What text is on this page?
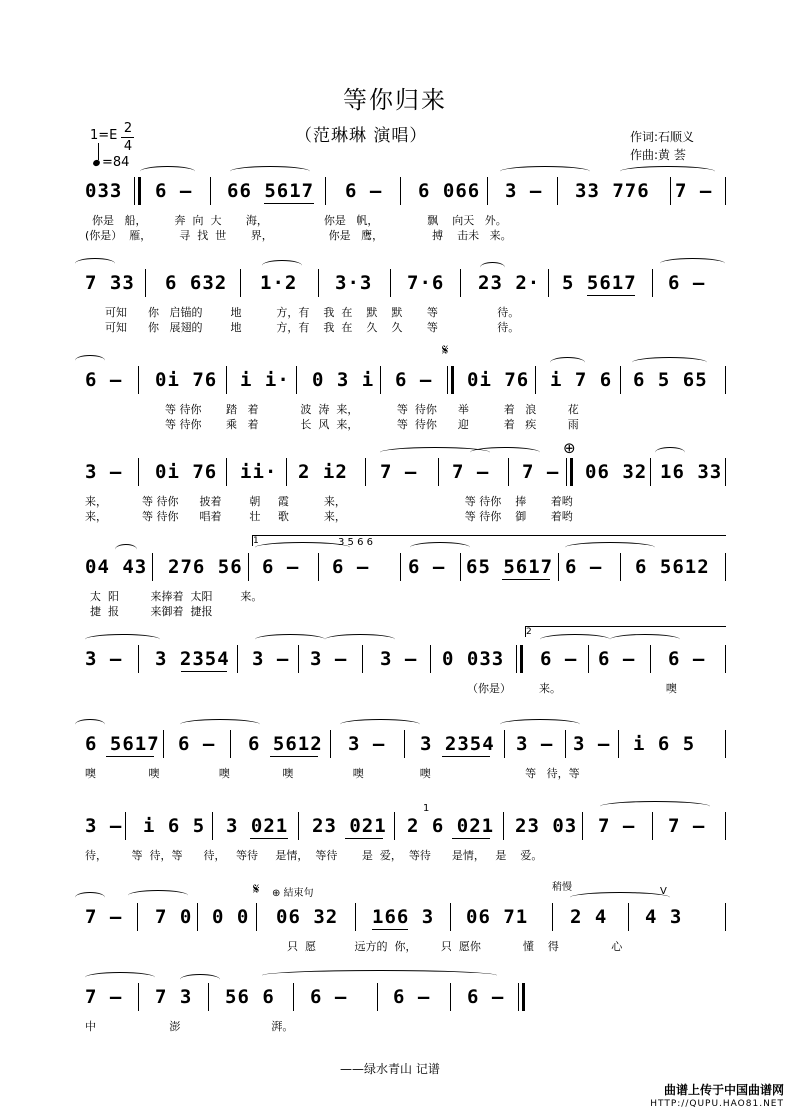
等你归来
（范琳琳 演唱）	作词:石顺义
作曲:黄 荟
1=E 2
4
=84
033 6 – 66 5617 6 – 6 066 3 – 33 776 7 –
你是   船，        奔  向  大       海，                你是   帆，              飘    向天   外。
(你是）  雁，        寻  找  世       界，                你是   鹰，              搏    击未   来。
7 33 6 632 1·2 3·3 7·6 23 2· 5 5617 6 –
可知      你   启锚的        地          方，有    我  在    默    默       等                 待。
可知      你   展翅的        地          方，有    我  在    久    久       等                 待。
𝄋
6 – 0i 76 i i· 0 3 i 6 – 0i 76 i 7 6 6 5 65
等 待你       踏   着            波  涛  来，           等  待你      举          着   浪         花
等 待你       乘   着            长  风  来，           等  待你      迎          着   疾         雨
⊕
3 – 0i 76 ii· 2 i2 7 – 7 – 7 – 06 32 16 33
来，          等 待你      披着        朝     霞          来，                                  等 待你    捧       着哟
来，          等 待你      唱着        壮     歌          来，                                  等 待你    御       着哟
1	3 5 6 6
04 43 276 56 6 – 6 – 6 – 65 5617 6 – 6 5612
太  阳         来捧着  太阳        来。
捷  报         来御着  捷报
2
3 – 3 2354 3 – 3 – 3 – 0 033 6 – 6 – 6 –
（你是）        来。                              噢
6 5617 6 – 6 5612 3 – 3 2354 3 – 3 – i 6 5
噢               噢                 噢               噢                 噢                噢                           等   待，等
1
3 – i 6 5 3 021 23 021 2 6 021 23 03 7 – 7 –
待，       等  待，等      待，   等待     是情，  等待       是  爱，  等待      是情，   是    爱。
𝄋 ⊕ 結束句
稍慢	V
7 – 7 0 0 0 06 32 166 3 06 71 2 4 4 3
只  愿           远方的  你，       只  愿你            懂    得               心
7 – 7 3 56 6 6 – 6 – 6 –
中                     澎                          湃。
——绿水青山 记谱
曲谱上传于中国曲谱网
HTTP://QUPU.HAO81.NET
